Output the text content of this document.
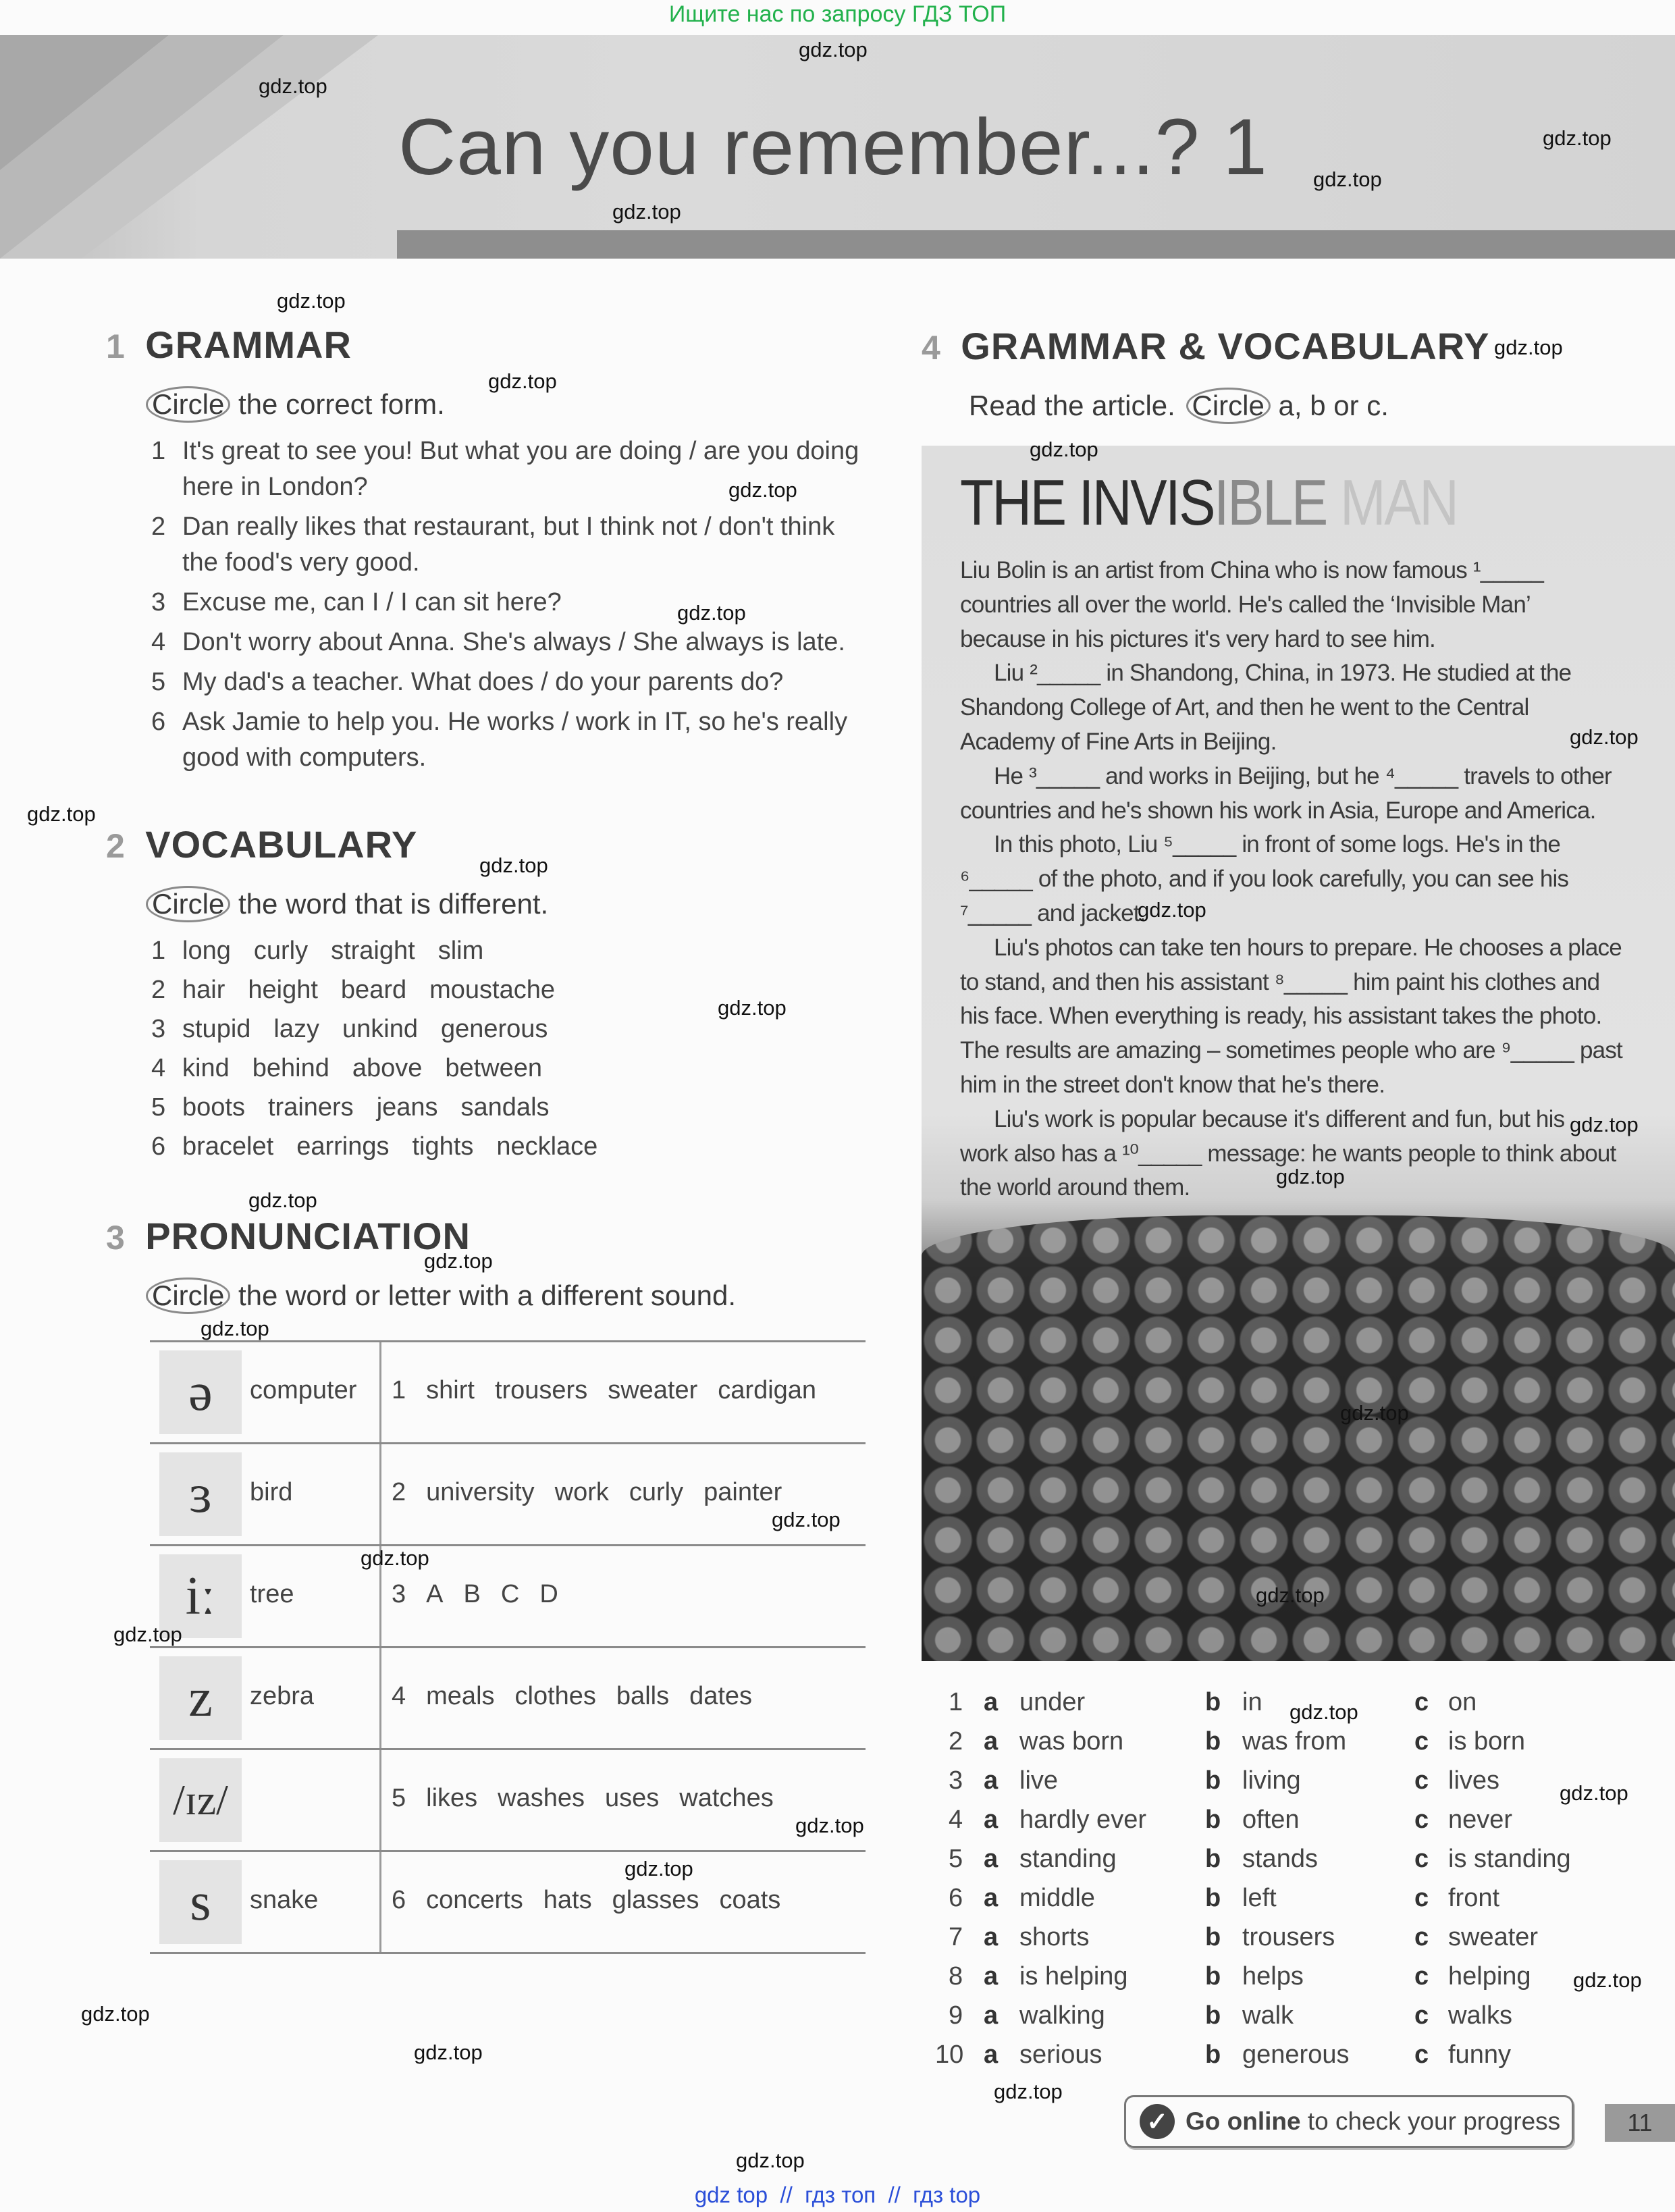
Ищите нас по запросу ГДЗ ТОП
Can you remember...? 1
1 GRAMMAR
Circle the correct form.
1 It's great to see you! But what you are doing / are you doing here in London?
2 Dan really likes that restaurant, but I think not / don't think the food's very good.
3 Excuse me, can I / I can sit here?
4 Don't worry about Anna. She's always / She always is late.
5 My dad's a teacher. What does / do your parents do?
6 Ask Jamie to help you. He works / work in IT, so he's really good with computers.
2 VOCABULARY
Circle the word that is different.
1 long curly straight slim
2 hair height beard moustache
3 stupid lazy unkind generous
4 kind behind above between
5 boots trainers jeans sandals
6 bracelet earrings tights necklace
3 PRONUNCIATION
Circle the word or letter with a different sound.
ə	computer 1 shirt trousers sweater cardigan
ɜ	bird	2 university work curly painter
iː	tree	3 A B C D
z	zebra	4 meals clothes balls dates
/ɪz/	5 likes washes uses watches
s	snake	6 concerts hats glasses coats
4 GRAMMAR & VOCABULARY
Read the article. Circle a, b or c.
THE INVISIBLE MAN
Liu Bolin is an artist from China who is now famous ¹_____
countries all over the world. He's called the ‘Invisible Man’
because in his pictures it's very hard to see him.
Liu ²_____ in Shandong, China, in 1973. He studied at the
Shandong College of Art, and then he went to the Central
Academy of Fine Arts in Beijing.
He ³_____ and works in Beijing, but he ⁴_____ travels to other
countries and he's shown his work in Asia, Europe and America.
In this photo, Liu ⁵_____ in front of some logs. He's in the
⁶_____ of the photo, and if you look carefully, you can see his
⁷_____ and jacket.
Liu's photos can take ten hours to prepare. He chooses a place
to stand, and then his assistant ⁸_____ him paint his clothes and
his face. When everything is ready, his assistant takes the photo.
The results are amazing – sometimes people who are ⁹_____ past
him in the street don't know that he's there.
Liu's work is popular because it's different and fun, but his
work also has a ¹⁰_____ message: he wants people to think about
the world around them.
1 a under	b in	c on
2 a was born	b was from	c is born
3 a live	b living	c lives
4 a hardly ever b often	c never
5 a standing	b stands	c is standing
6 a middle	b left	c front
7 a shorts	b trousers	c sweater
8 a is helping	b helps	c helping
9 a walking	b walk	c walks
10 a serious	b generous	c funny
✓ Go online to check your progress	11
gdz top  //  гдз топ  //  гдз top
gdz.top
gdz.top
gdz.top
gdz.top
gdz.top
gdz.top
gdz.top
gdz.top
gdz.top
gdz.top
gdz.top
gdz.top
gdz.top
gdz.top
gdz.top
gdz.top
gdz.top
gdz.top
gdz.top
gdz.top
gdz.top
gdz.top
gdz.top
gdz.top
gdz.top
gdz.top
gdz.top
gdz.top
gdz.top
gdz.top
gdz.top
gdz.top
gdz.top
gdz.top
gdz.top
